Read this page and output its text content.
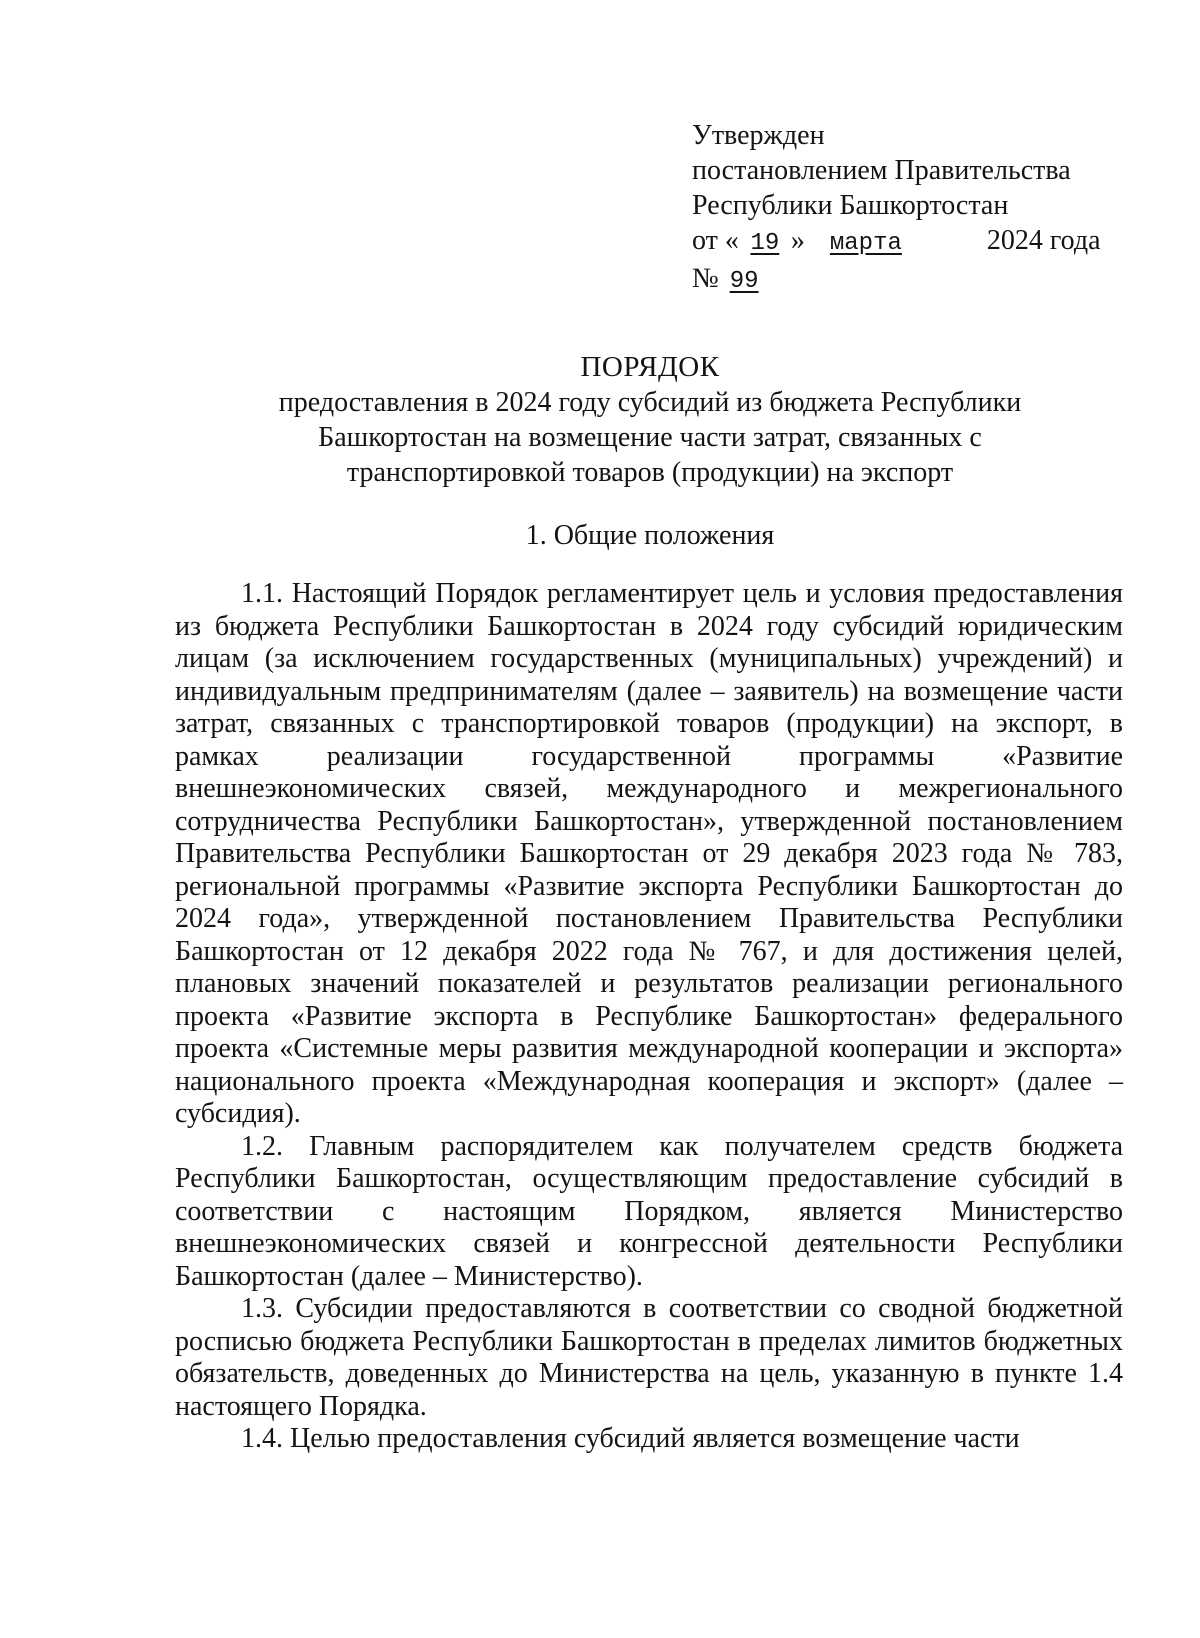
Утвержден
постановлением Правительства
Республики Башкортостан
от « 19 » марта	2024 года
№ 99
ПОРЯДОК
предоставления в 2024 году субсидий из бюджета Республики
Башкортостан на возмещение части затрат, связанных с
транспортировкой товаров (продукции) на экспорт
1. Общие положения

1.1. Настоящий Порядок регламентирует цель и условия предоставления из бюджета Республики Башкортостан в 2024 году субсидий юридическим лицам (за исключением государственных (муниципальных) учреждений) и индивидуальным предпринимателям (далее – заявитель) на возмещение части затрат, связанных с транспортировкой товаров (продукции) на экспорт, в рамках реализации государственной программы «Развитие внешнеэкономических связей, международного и межрегионального сотрудничества Республики Башкортостан», утвержденной постановлением Правительства Республики Башкортостан от 29 декабря 2023 года № 783, региональной программы «Развитие экспорта Республики Башкортостан до 2024 года», утвержденной постановлением Правительства Республики Башкортостан от 12 декабря 2022 года № 767, и для достижения целей, плановых значений показателей и результатов реализации регионального проекта «Развитие экспорта в Республике Башкортостан» федерального проекта «Системные меры развития международной кооперации и экспорта» национального проекта «Международная кооперация и экспорт» (далее – субсидия).

1.2. Главным распорядителем как получателем средств бюджета Республики Башкортостан, осуществляющим предоставление субсидий в соответствии с настоящим Порядком, является Министерство внешнеэкономических связей и конгрессной деятельности Республики Башкортостан (далее – Министерство).

1.3. Субсидии предоставляются в соответствии со сводной бюджетной росписью бюджета Республики Башкортостан в пределах лимитов бюджетных обязательств, доведенных до Министерства на цель, указанную в пункте 1.4 настоящего Порядка.

1.4. Целью предоставления субсидий является возмещение части
